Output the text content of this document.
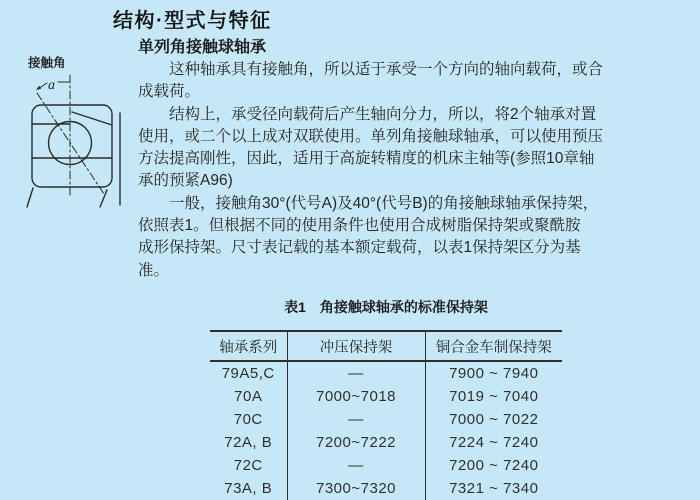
结构·型式与特征
单列角接触球轴承
接触角
a
这种轴承具有接触角，所以适于承受一个方向的轴向载荷，或合
成载荷。
结构上，承受径向载荷后产生轴向分力，所以，将2个轴承对置
使用，或二个以上成对双联使用。单列角接触球轴承，可以使用预压
方法提高刚性，因此，适用于高旋转精度的机床主轴等(参照10章轴
承的预紧A96)
一般，接触角30°(代号A)及40°(代号B)的角接触球轴承保持架，
依照表1。但根据不同的使用条件也使用合成树脂保持架或聚酰胺
成形保持架。尺寸表记载的基本额定载荷，以表1保持架区分为基
准。
表1　角接触球轴承的标准保持架
轴承系列	冲压保持架	铜合金车制保持架
79A5,C	—	7900 ~ 7940
70A	7000~7018	7019 ~ 7040
70C	—	7000 ~ 7022
72A, B	7200~7222	7224 ~ 7240
72C	—	7200 ~ 7240
73A, B	7300~7320	7321 ~ 7340
